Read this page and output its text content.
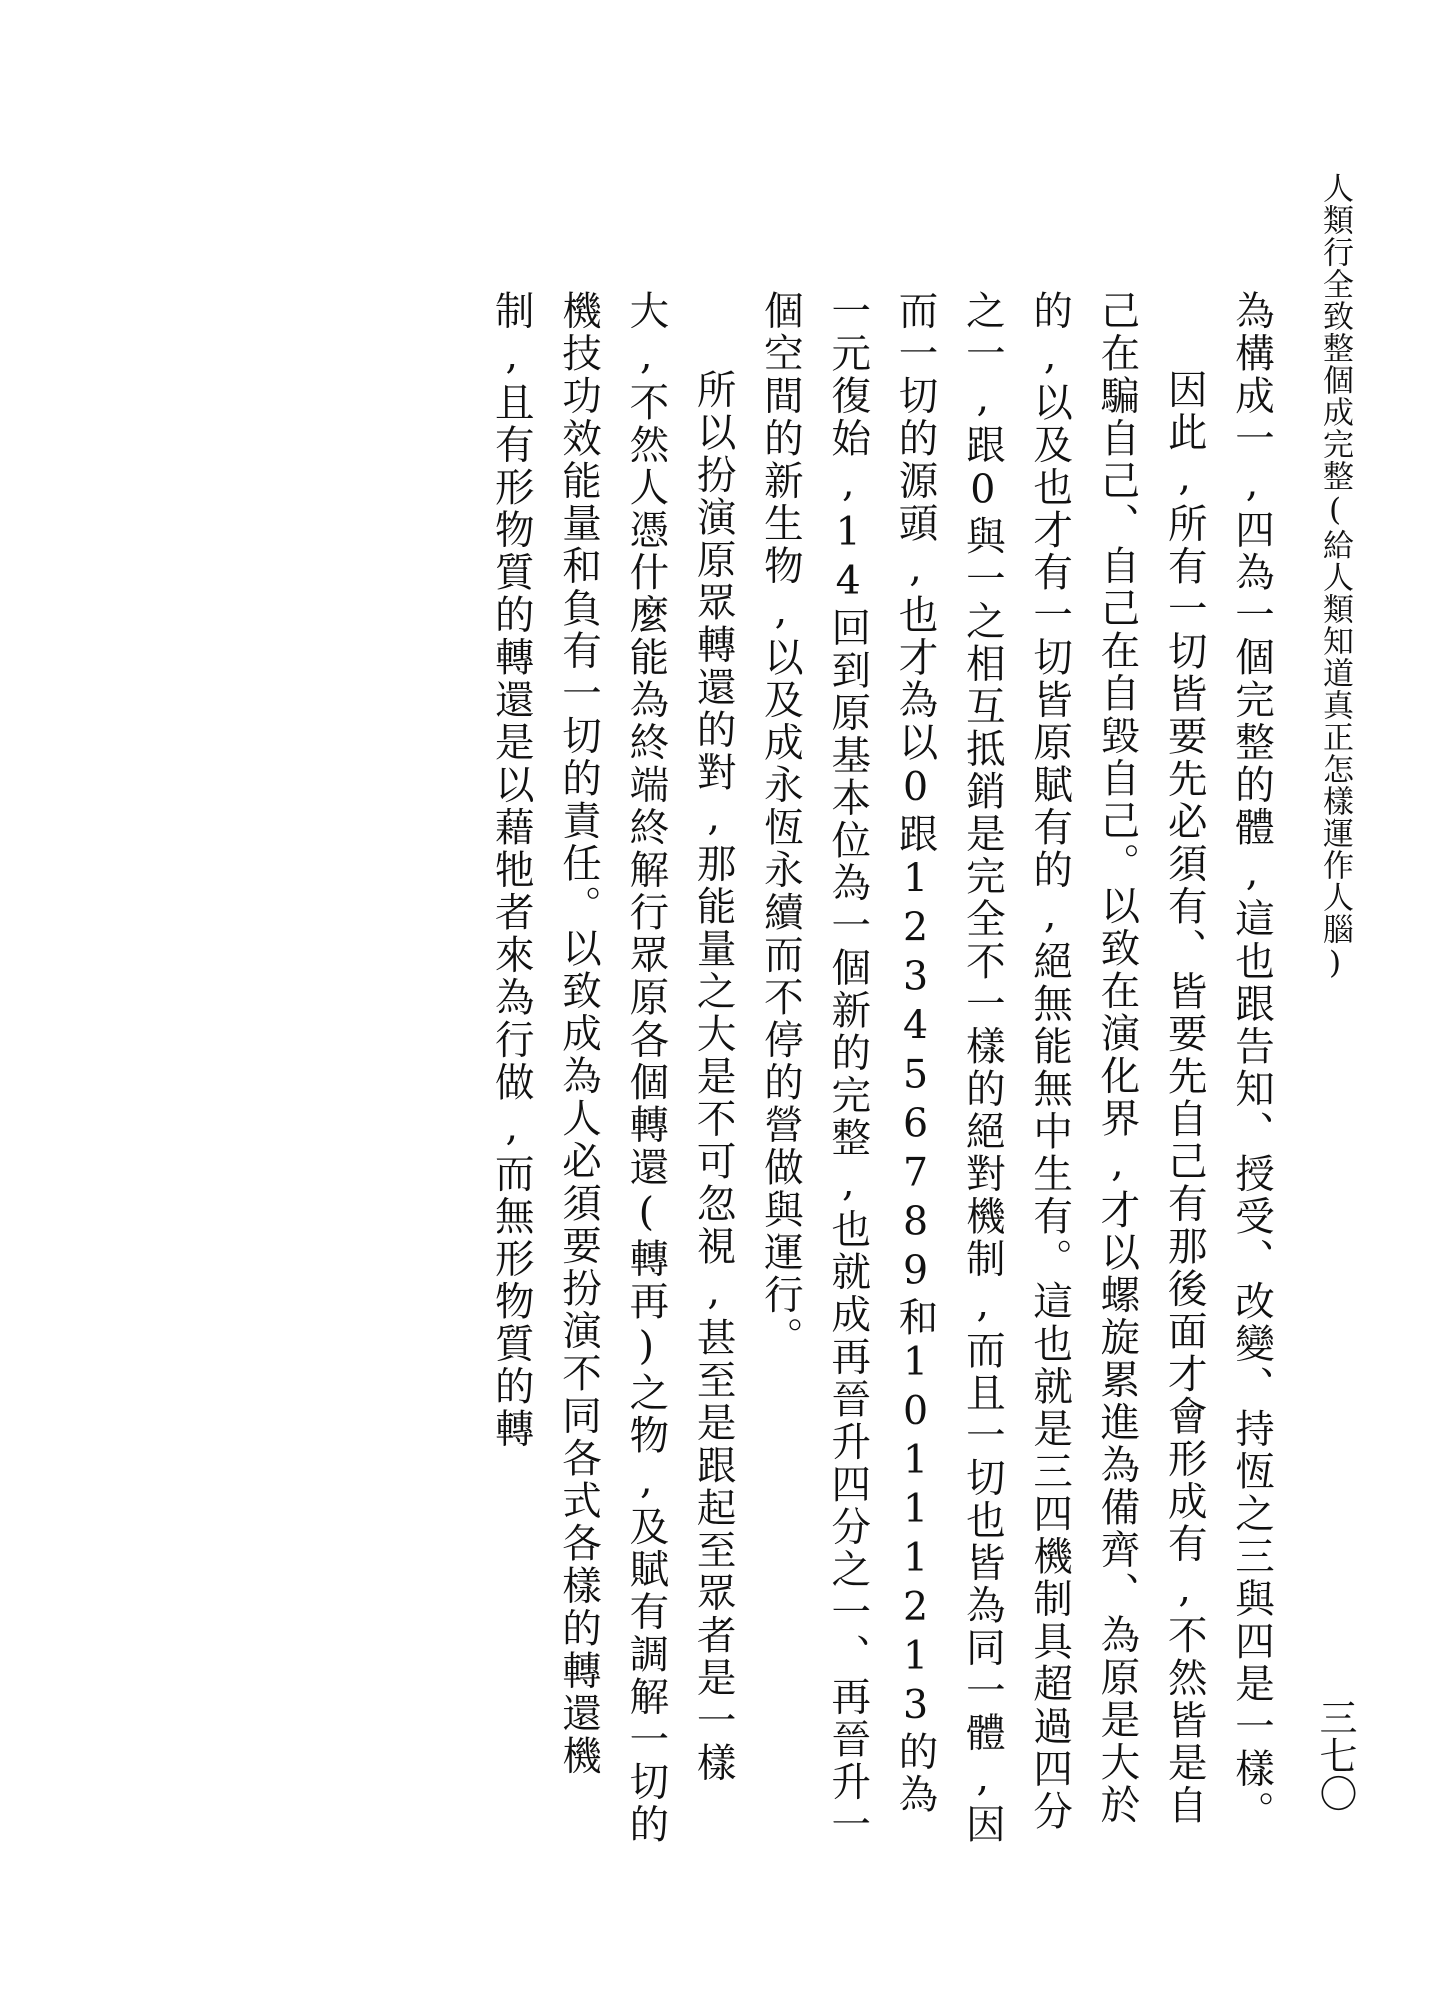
人類行全致整個成完整(給人類知道真正怎樣運作人腦)
三七〇

為構成一,四為一個完整的體,這也跟告知、授受、改變、持恆之三與四是一樣。

因此,所有一切皆要先必須有、皆要先自己有那後面才會形成有,不然皆是自己在騙自己、自己在自毀自己。以致在演化界,才以螺旋累進為備齊、為原是大於的,以及也才有一切皆原賦有的,絕無能無中生有。這也就是三四機制具超過四分之一,跟0與一之相互抵銷是完全不一樣的絕對機制,而且一切也皆為同一體,因而一切的源頭,也才為以0跟123456789和10111213的為一元復始,14回到原基本位為一個新的完整,也就成再晉升四分之一、再晉升一個空間的新生物,以及成永恆永續而不停的營做與運行。

所以扮演原眾轉還的對,那能量之大是不可忽視,甚至是跟起至眾者是一樣大,不然人憑什麼能為終端終解行眾原各個轉還(轉再)之物,及賦有調解一切的機技功效能量和負有一切的責任。以致成為人必須要扮演不同各式各樣的轉還機制,且有形物質的轉還是以藉牠者來為行做,而無形物質的轉
